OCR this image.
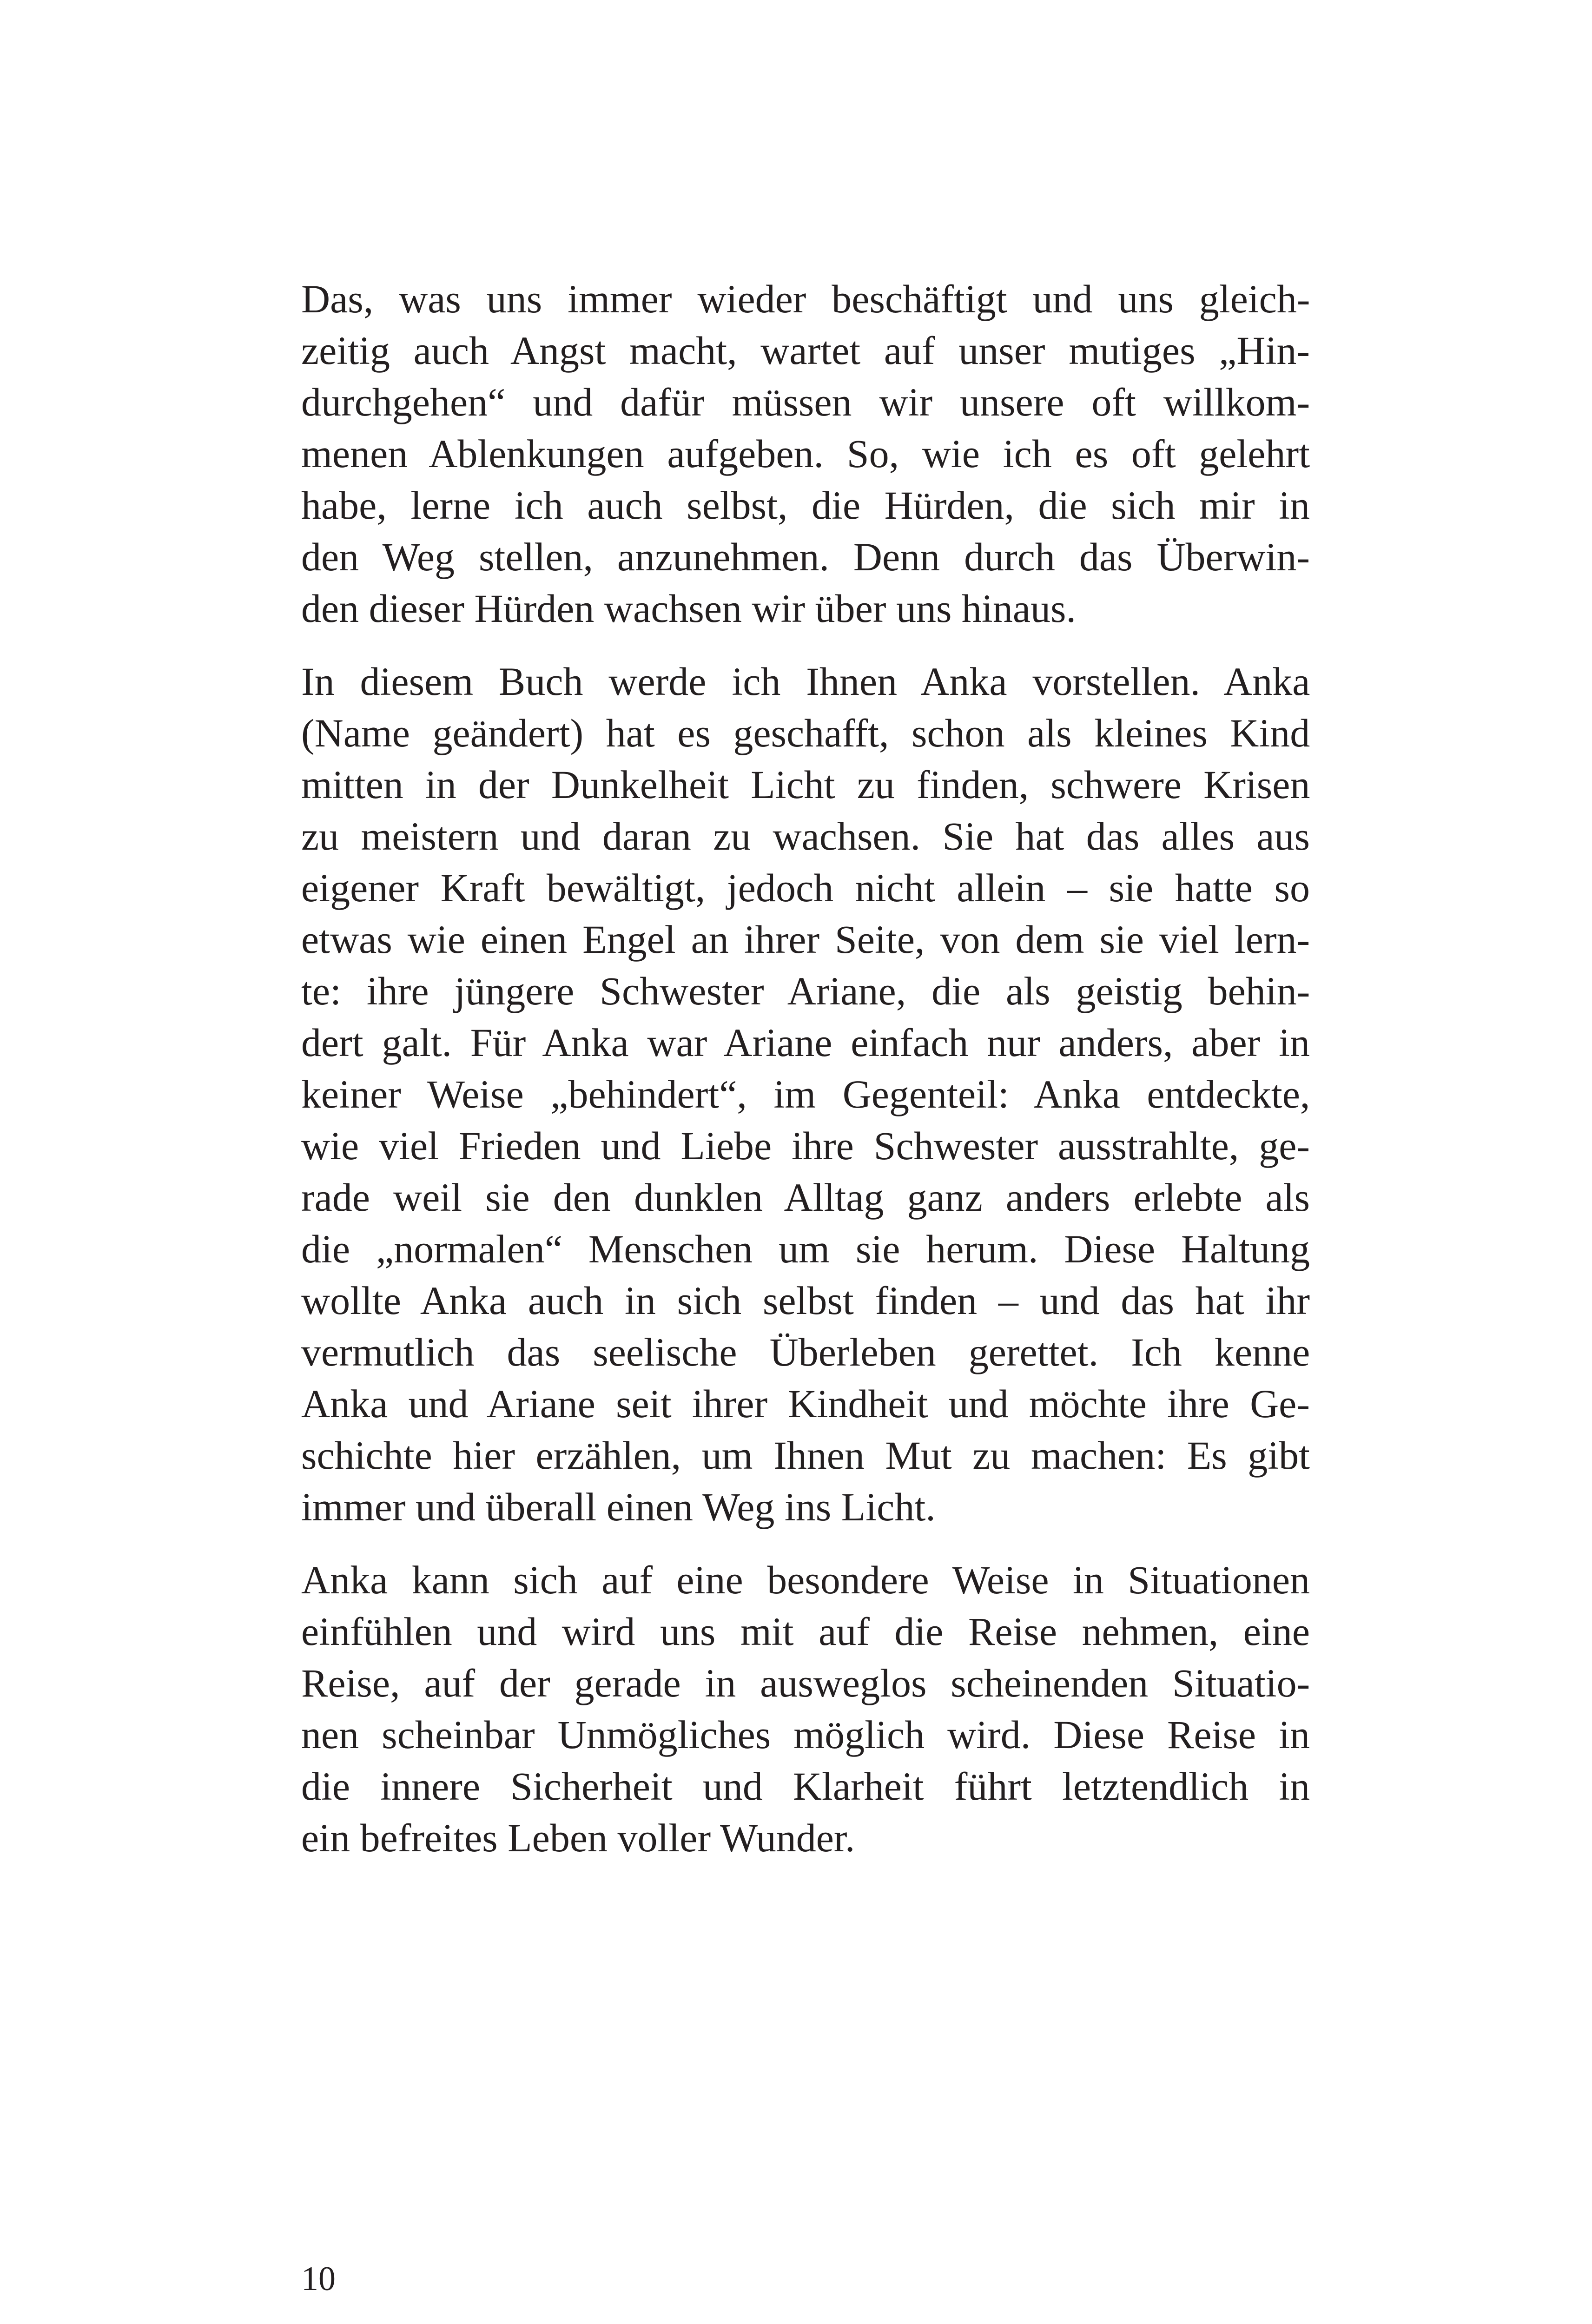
Das, was uns immer wieder beschäftigt und uns gleich-
zeitig auch Angst macht, wartet auf unser mutiges „Hin-
durchgehen“ und dafür müssen wir unsere oft willkom-
menen Ablenkungen aufgeben. So, wie ich es oft gelehrt
habe, lerne ich auch selbst, die Hürden, die sich mir in
den Weg stellen, anzunehmen. Denn durch das Überwin-
den dieser Hürden wachsen wir über uns hinaus.

In diesem Buch werde ich Ihnen Anka vorstellen. Anka
(Name geändert) hat es geschafft, schon als kleines Kind
mitten in der Dunkelheit Licht zu finden, schwere Krisen
zu meistern und daran zu wachsen. Sie hat das alles aus
eigener Kraft bewältigt, jedoch nicht allein – sie hatte so
etwas wie einen Engel an ihrer Seite, von dem sie viel lern-
te: ihre jüngere Schwester Ariane, die als geistig behin-
dert galt. Für Anka war Ariane einfach nur anders, aber in
keiner Weise „behindert“, im Gegenteil: Anka entdeckte,
wie viel Frieden und Liebe ihre Schwester ausstrahlte, ge-
rade weil sie den dunklen Alltag ganz anders erlebte als
die „normalen“ Menschen um sie herum. Diese Haltung
wollte Anka auch in sich selbst finden – und das hat ihr
vermutlich das seelische Überleben gerettet. Ich kenne
Anka und Ariane seit ihrer Kindheit und möchte ihre Ge-
schichte hier erzählen, um Ihnen Mut zu machen: Es gibt
immer und überall einen Weg ins Licht.

Anka kann sich auf eine besondere Weise in Situationen
einfühlen und wird uns mit auf die Reise nehmen, eine
Reise, auf der gerade in ausweglos scheinenden Situatio-
nen scheinbar Unmögliches möglich wird. Diese Reise in
die innere Sicherheit und Klarheit führt letztendlich in
ein befreites Leben voller Wunder.

10
